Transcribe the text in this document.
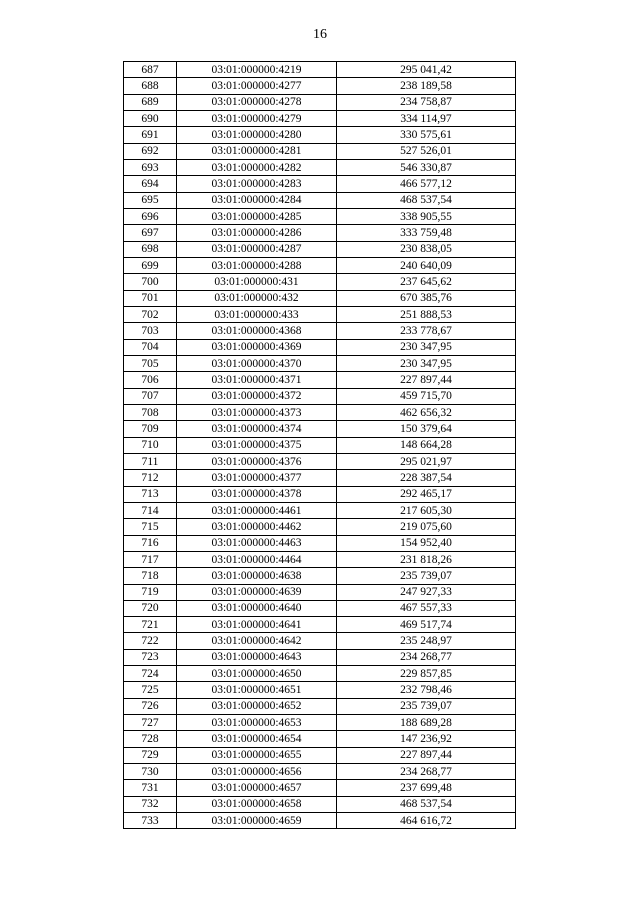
16
687	03:01:000000:4219	295 041,42
688	03:01:000000:4277	238 189,58
689	03:01:000000:4278	234 758,87
690	03:01:000000:4279	334 114,97
691	03:01:000000:4280	330 575,61
692	03:01:000000:4281	527 526,01
693	03:01:000000:4282	546 330,87
694	03:01:000000:4283	466 577,12
695	03:01:000000:4284	468 537,54
696	03:01:000000:4285	338 905,55
697	03:01:000000:4286	333 759,48
698	03:01:000000:4287	230 838,05
699	03:01:000000:4288	240 640,09
700	03:01:000000:431	237 645,62
701	03:01:000000:432	670 385,76
702	03:01:000000:433	251 888,53
703	03:01:000000:4368	233 778,67
704	03:01:000000:4369	230 347,95
705	03:01:000000:4370	230 347,95
706	03:01:000000:4371	227 897,44
707	03:01:000000:4372	459 715,70
708	03:01:000000:4373	462 656,32
709	03:01:000000:4374	150 379,64
710	03:01:000000:4375	148 664,28
711	03:01:000000:4376	295 021,97
712	03:01:000000:4377	228 387,54
713	03:01:000000:4378	292 465,17
714	03:01:000000:4461	217 605,30
715	03:01:000000:4462	219 075,60
716	03:01:000000:4463	154 952,40
717	03:01:000000:4464	231 818,26
718	03:01:000000:4638	235 739,07
719	03:01:000000:4639	247 927,33
720	03:01:000000:4640	467 557,33
721	03:01:000000:4641	469 517,74
722	03:01:000000:4642	235 248,97
723	03:01:000000:4643	234 268,77
724	03:01:000000:4650	229 857,85
725	03:01:000000:4651	232 798,46
726	03:01:000000:4652	235 739,07
727	03:01:000000:4653	188 689,28
728	03:01:000000:4654	147 236,92
729	03:01:000000:4655	227 897,44
730	03:01:000000:4656	234 268,77
731	03:01:000000:4657	237 699,48
732	03:01:000000:4658	468 537,54
733	03:01:000000:4659	464 616,72
